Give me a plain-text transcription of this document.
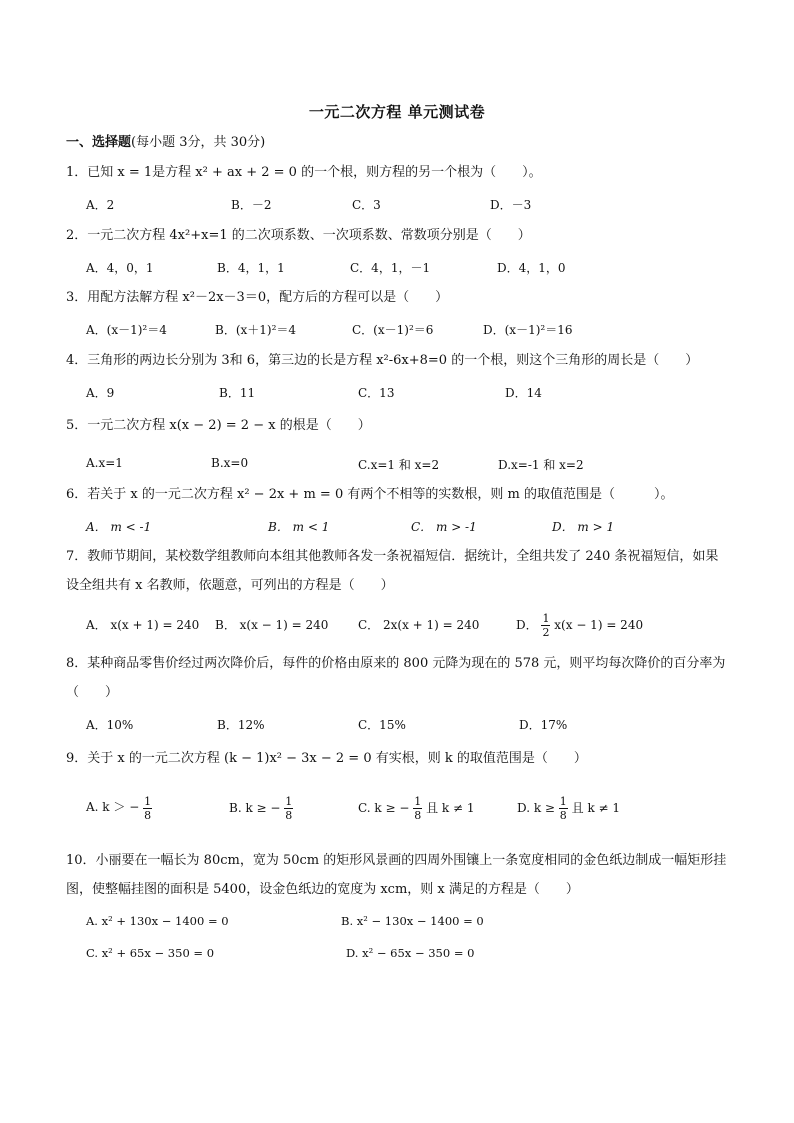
一元二次方程 单元测试卷
一、选择题(每小题 3分，共 30分)
1．已知 x = 1是方程 x² + ax + 2 = 0 的一个根，则方程的另一个根为（　　）。
A．2	B．－2	C．3	D．－3
2．一元二次方程 4x²+x=1 的二次项系数、一次项系数、常数项分别是（　　）
A．4，0，1	B．4，1，1	C．4，1，－1	D．4，1，0
3．用配方法解方程 x²－2x－3＝0，配方后的方程可以是（　　）
A．(x－1)²＝4	B．(x＋1)²＝4	C．(x－1)²＝6	D．(x－1)²＝16
4．三角形的两边长分别为 3和 6，第三边的长是方程 x²-6x+8=0 的一个根，则这个三角形的周长是（　　）
A．9	B．11	C．13	D．14
5．一元二次方程 x(x − 2) = 2 − x 的根是（　　）
A.x=1	B.x=0	C.x=1 和 x=2	D.x=-1 和 x=2
6．若关于 x 的一元二次方程 x² − 2x + m = 0 有两个不相等的实数根，则 m 的取值范围是（　　　）。
A． m < -1	B． m < 1	C． m > -1	D． m > 1
7．教师节期间，某校数学组教师向本组其他教师各发一条祝福短信．据统计，全组共发了 240 条祝福短信，如果设全组共有 x 名教师，依题意，可列出的方程是（　　）
A． x(x + 1) = 240 B． x(x − 1) = 240 C． 2x(x + 1) = 240	D． $\frac{1}{2} x(x - 1) = 240$
8．某种商品零售价经过两次降价后，每件的价格由原来的 800 元降为现在的 578 元，则平均每次降价的百分率为（　　）
A．10%	B．12%	C．15%	D．17%
9．关于 x 的一元二次方程 (k − 1)x² − 3x − 2 = 0 有实根，则 k 的取值范围是（　　）
A. k ＞ − $\frac{1}{8}$	B. k ≥ − $\frac{1}{8}$	C. k ≥ − $\frac{1}{8}$ 且 k ≠ 1	D. $k \ge \frac{1}{8}$ 且 k ≠ 1
10．小丽要在一幅长为 80cm，宽为 50cm 的矩形风景画的四周外围镶上一条宽度相同的金色纸边制成一幅矩形挂图，使整幅挂图的面积是 5400，设金色纸边的宽度为 xcm，则 x 满足的方程是（　　）
A. x² + 130x − 1400 = 0	B. x² − 130x − 1400 = 0
C. x² + 65x − 350 = 0	D. x² − 65x − 350 = 0
